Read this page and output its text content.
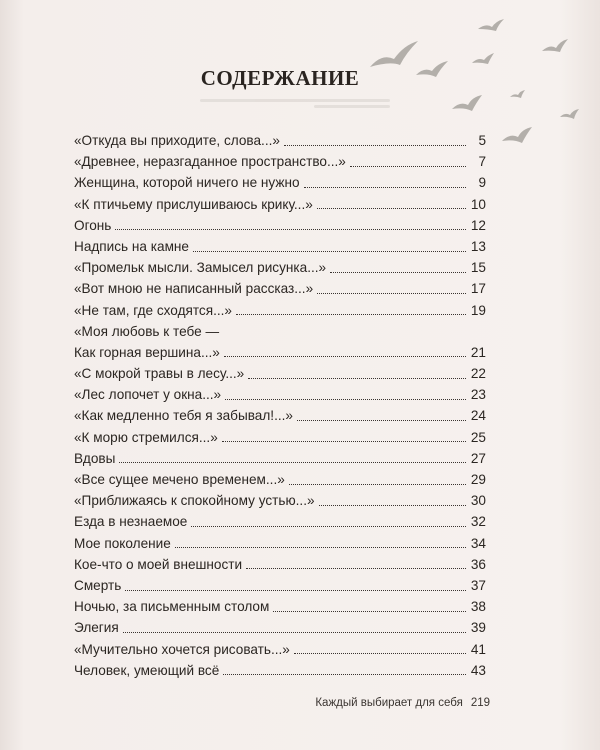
СОДЕРЖАНИЕ
«Откуда вы приходите, слова...»	5
«Древнее, неразгаданное пространство...»	7
Женщина, которой ничего не нужно	9
«К птичьему прислушиваюсь крику...»	10
Огонь	12
Надпись на камне	13
«Промельк мысли. Замысел рисунка...»	15
«Вот мною не написанный рассказ...»	17
«Не там, где сходятся...»	19
«Моя любовь к тебе —
Как горная вершина...»	21
«С мокрой травы в лесу...»	22
«Лес лопочет у окна...»	23
«Как медленно тебя я забывал!...»	24
«К морю стремился...»	25
Вдовы	27
«Все сущее мечено временем...»	29
«Приближаясь к спокойному устью...»	30
Езда в незнаемое	32
Мое поколение	34
Кое-что о моей внешности	36
Смерть	37
Ночью, за письменным столом	38
Элегия	39
«Мучительно хочется рисовать...»	41
Человек, умеющий всё	43
Каждый выбирает для себя 219
